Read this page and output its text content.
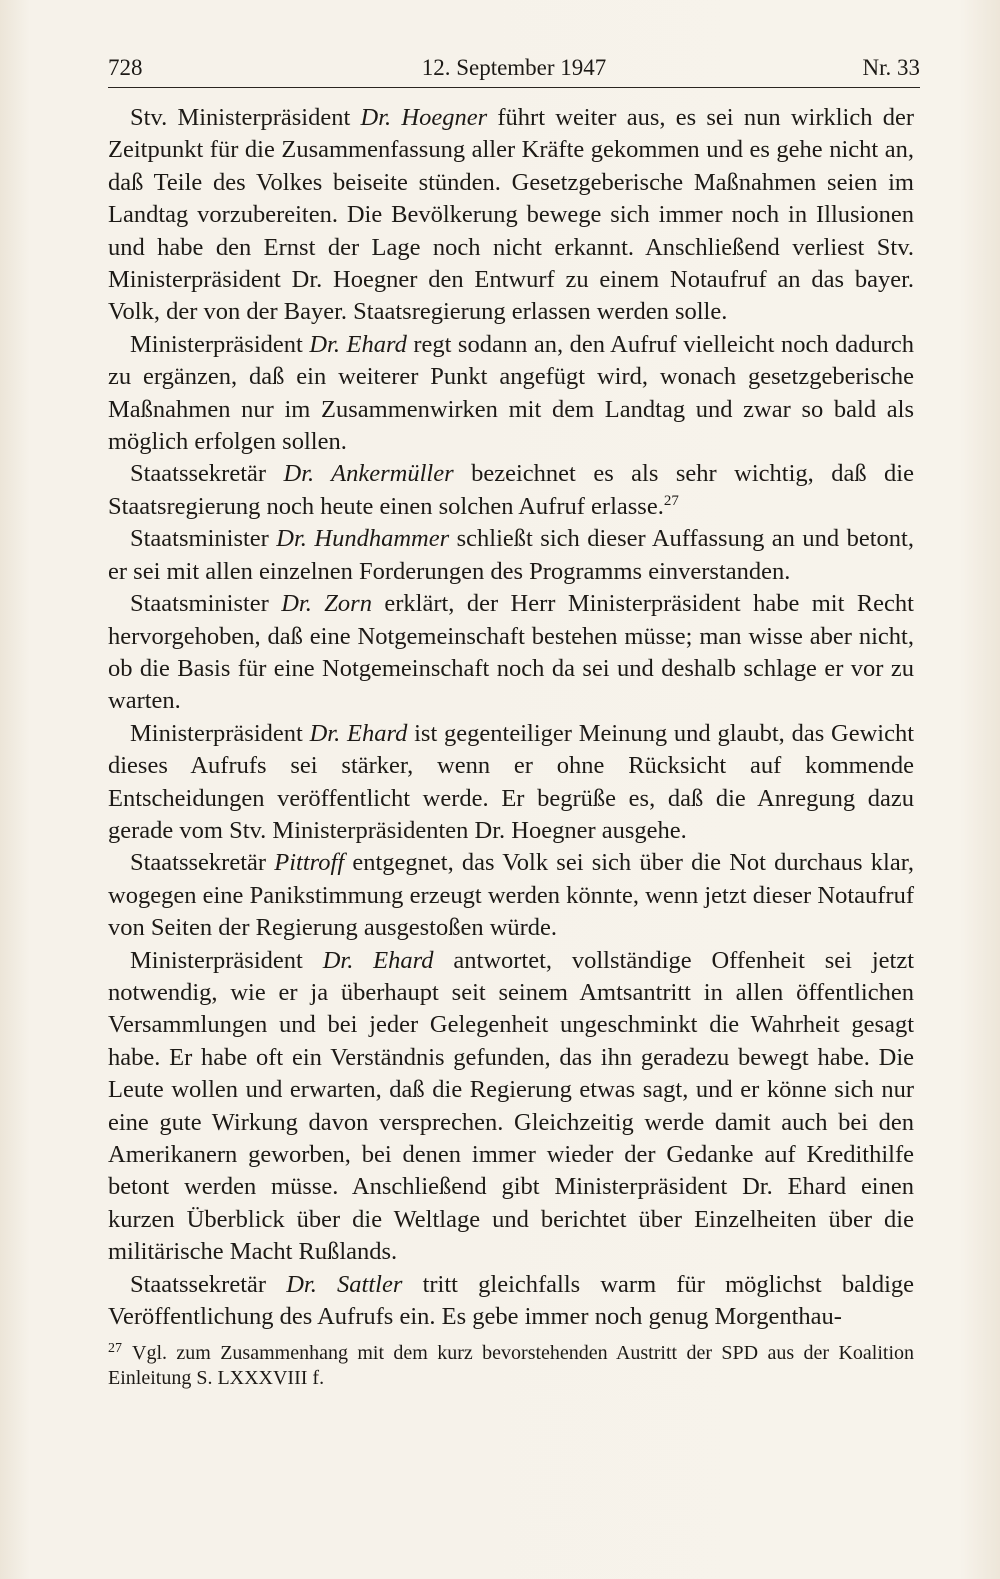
728	12. September 1947	Nr. 33

Stv. Ministerpräsident Dr. Hoegner führt weiter aus, es sei nun wirklich der Zeitpunkt für die Zusammenfassung aller Kräfte gekommen und es gehe nicht an, daß Teile des Volkes beiseite stünden. Gesetzgeberische Maßnahmen seien im Landtag vorzubereiten. Die Bevölkerung bewege sich immer noch in Illusionen und habe den Ernst der Lage noch nicht erkannt. Anschließend verliest Stv. Ministerpräsident Dr. Hoegner den Entwurf zu einem Notaufruf an das bayer. Volk, der von der Bayer. Staatsregierung erlassen werden solle.

Ministerpräsident Dr. Ehard regt sodann an, den Aufruf vielleicht noch dadurch zu ergänzen, daß ein weiterer Punkt angefügt wird, wonach gesetzgeberische Maßnahmen nur im Zusammenwirken mit dem Landtag und zwar so bald als möglich erfolgen sollen.

Staatssekretär Dr. Ankermüller bezeichnet es als sehr wichtig, daß die Staatsregierung noch heute einen solchen Aufruf erlasse.$^{27}$

Staatsminister Dr. Hundhammer schließt sich dieser Auffassung an und betont, er sei mit allen einzelnen Forderungen des Programms einverstanden.

Staatsminister Dr. Zorn erklärt, der Herr Ministerpräsident habe mit Recht hervorgehoben, daß eine Notgemeinschaft bestehen müsse; man wisse aber nicht, ob die Basis für eine Notgemeinschaft noch da sei und deshalb schlage er vor zu warten.

Ministerpräsident Dr. Ehard ist gegenteiliger Meinung und glaubt, das Gewicht dieses Aufrufs sei stärker, wenn er ohne Rücksicht auf kommende Entscheidungen veröffentlicht werde. Er begrüße es, daß die Anregung dazu gerade vom Stv. Ministerpräsidenten Dr. Hoegner ausgehe.

Staatssekretär Pittroff entgegnet, das Volk sei sich über die Not durchaus klar, wogegen eine Panikstimmung erzeugt werden könnte, wenn jetzt dieser Notaufruf von Seiten der Regierung ausgestoßen würde.

Ministerpräsident Dr. Ehard antwortet, vollständige Offenheit sei jetzt notwendig, wie er ja überhaupt seit seinem Amtsantritt in allen öffentlichen Versammlungen und bei jeder Gelegenheit ungeschminkt die Wahrheit gesagt habe. Er habe oft ein Verständnis gefunden, das ihn geradezu bewegt habe. Die Leute wollen und erwarten, daß die Regierung etwas sagt, und er könne sich nur eine gute Wirkung davon versprechen. Gleichzeitig werde damit auch bei den Amerikanern geworben, bei denen immer wieder der Gedanke auf Kredithilfe betont werden müsse. Anschließend gibt Ministerpräsident Dr. Ehard einen kurzen Überblick über die Weltlage und berichtet über Einzelheiten über die militärische Macht Rußlands.

Staatssekretär Dr. Sattler tritt gleichfalls warm für möglichst baldige Veröffentlichung des Aufrufs ein. Es gebe immer noch genug Morgenthau-

$^{27}$ Vgl. zum Zusammenhang mit dem kurz bevorstehenden Austritt der SPD aus der Koalition Einleitung S. LXXXVIII f.
